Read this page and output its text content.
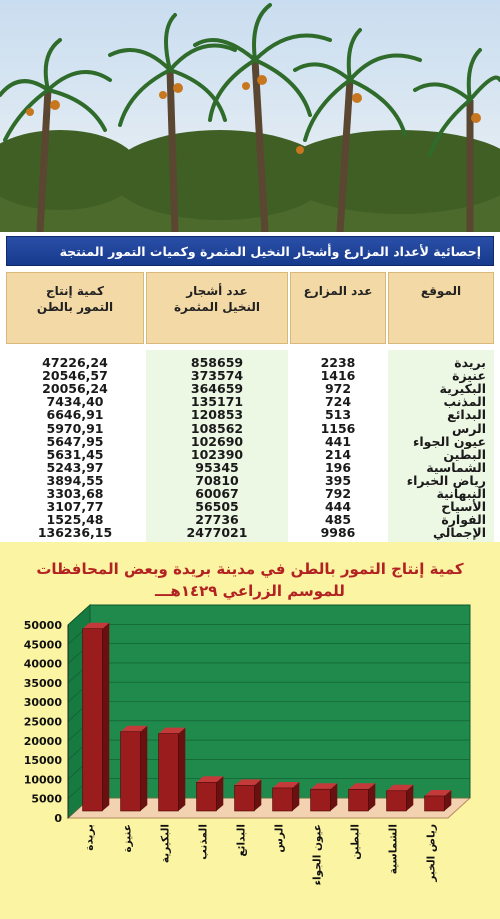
إحصائية لأعداد المزارع وأشجار النخيل المثمرة وكميات التمور المنتجة
الموقع
عدد المزارع
عدد أشجار
النخيل المثمرة
كمية إنتاج
التمور بالطن
بريدة
عنيزة
البكيرية
المذنب
البدائع
الرس
عيون الجواء
البطين
الشماسية
رياض الخبراء
النبهانية
الأسياح
الفوارة
الإجمالي
2238
1416
972
724
513
1156
441
214
196
395
792
444
485
9986
858659
373574
364659
135171
120853
108562
102690
102390
95345
70810
60067
56505
27736
2477021
47226,24
20546,57
20056,24
7434,40
6646,91
5970,91
5647,95
5631,45
5243,97
3894,55
3303,68
3107,77
1525,48
136236,15
0
5000
10000
15000
20000
25000
30000
35000
40000
45000
50000
بريدة عنيزة البكيرية المذنب البدائع الرس عيون الجواء البطين الشماسية رياض الخبر
كمية إنتاج التمور بالطن في مدينة بريدة وبعض المحافظات
للموسم الزراعي ١٤٢٩هـــ
